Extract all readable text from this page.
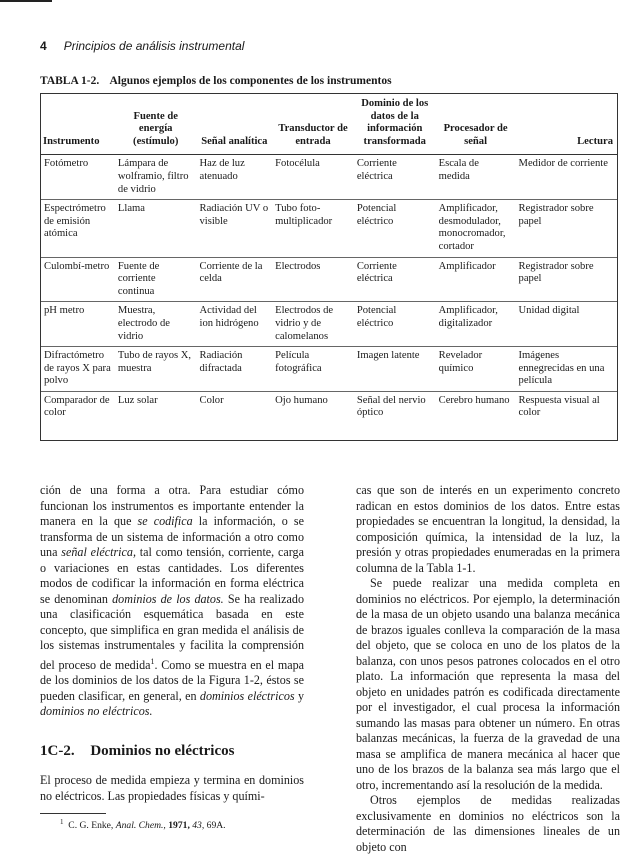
4 Principios de análisis instrumental
TABLA 1-2. Algunos ejemplos de los componentes de los instrumentos
Instrumento	Fuente de energía (estímulo)	Señal analítica	Transductor de entrada	Dominio de los datos de la información transformada	Procesador de señal	Lectura
Fotómetro	Lámpara de wolframio, filtro de vidrio	Haz de luz atenuado	Fotocélula	Corriente eléctrica	Escala de medida	Medidor de corriente
Espectrómetro de emisión atómica	Llama	Radiación UV o visible	Tubo foto-multiplicador	Potencial eléctrico	Amplificador, desmodulador, monocromador, cortador	Registrador sobre papel
Culombí-metro	Fuente de corriente continua	Corriente de la celda	Electrodos	Corriente eléctrica	Amplificador	Registrador sobre papel
pH metro	Muestra, electrodo de vidrio	Actividad del ion hidrógeno	Electrodos de vidrio y de calomelanos	Potencial eléctrico	Amplificador, digitalizador	Unidad digital
Difractómetro de rayos X para polvo	Tubo de rayos X, muestra	Radiación difractada	Película fotográfica	Imagen latente	Revelador químico	Imágenes ennegrecidas en una película
Comparador de color	Luz solar	Color	Ojo humano	Señal del nervio óptico	Cerebro humano	Respuesta visual al color

ción de una forma a otra. Para estudiar cómo funcionan los instrumentos es importante entender la manera en la que se codifica la información, o se transforma de un sistema de información a otro como una señal eléctrica, tal como tensión, corriente, carga o variaciones en estas cantidades. Los diferentes modos de codificar la información en forma eléctrica se denominan dominios de los datos. Se ha realizado una clasificación esquemática basada en este concepto, que simplifica en gran medida el análisis de los sistemas instrumentales y facilita la comprensión del proceso de medida$^1$. Como se muestra en el mapa de los dominios de los datos de la Figura 1-2, éstos se pueden clasificar, en general, en dominios eléctricos y dominios no eléctricos.

1C-2. Dominios no eléctricos
El proceso de medida empieza y termina en dominios no eléctricos. Las propiedades físicas y quími-
$^1$ C. G. Enke, Anal. Chem., 1971, 43, 69A.

cas que son de interés en un experimento concreto radican en estos dominios de los datos. Entre estas propiedades se encuentran la longitud, la densidad, la composición química, la intensidad de la luz, la presión y otras propiedades enumeradas en la primera columna de la Tabla 1-1.

Se puede realizar una medida completa en dominios no eléctricos. Por ejemplo, la determinación de la masa de un objeto usando una balanza mecánica de brazos iguales conlleva la comparación de la masa del objeto, que se coloca en uno de los platos de la balanza, con unos pesos patrones colocados en el otro plato. La información que representa la masa del objeto en unidades patrón es codificada directamente por el investigador, el cual procesa la información sumando las masas para obtener un número. En otras balanzas mecánicas, la fuerza de la gravedad de una masa se amplifica de manera mecánica al hacer que uno de los brazos de la balanza sea más largo que el otro, incrementando así la resolución de la medida.

Otros ejemplos de medidas realizadas exclusivamente en dominios no eléctricos son la determinación de las dimensiones lineales de un objeto con
